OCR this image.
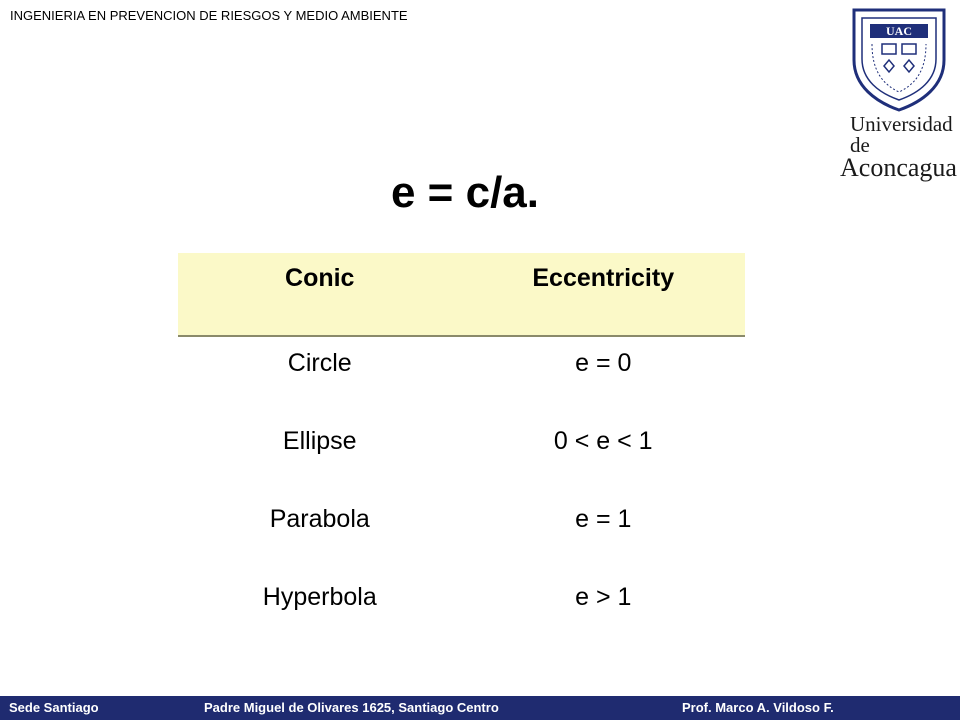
INGENIERIA EN PREVENCION DE RIESGOS Y MEDIO AMBIENTE
UAC
Universidad de
Aconcagua
e = c/a.
Conic	Eccentricity
Circle	e = 0
Ellipse	0 < e < 1
Parabola	e = 1
Hyperbola	e > 1
Sede Santiago	Padre Miguel de Olivares 1625, Santiago Centro	Prof. Marco A. Vildoso F.
